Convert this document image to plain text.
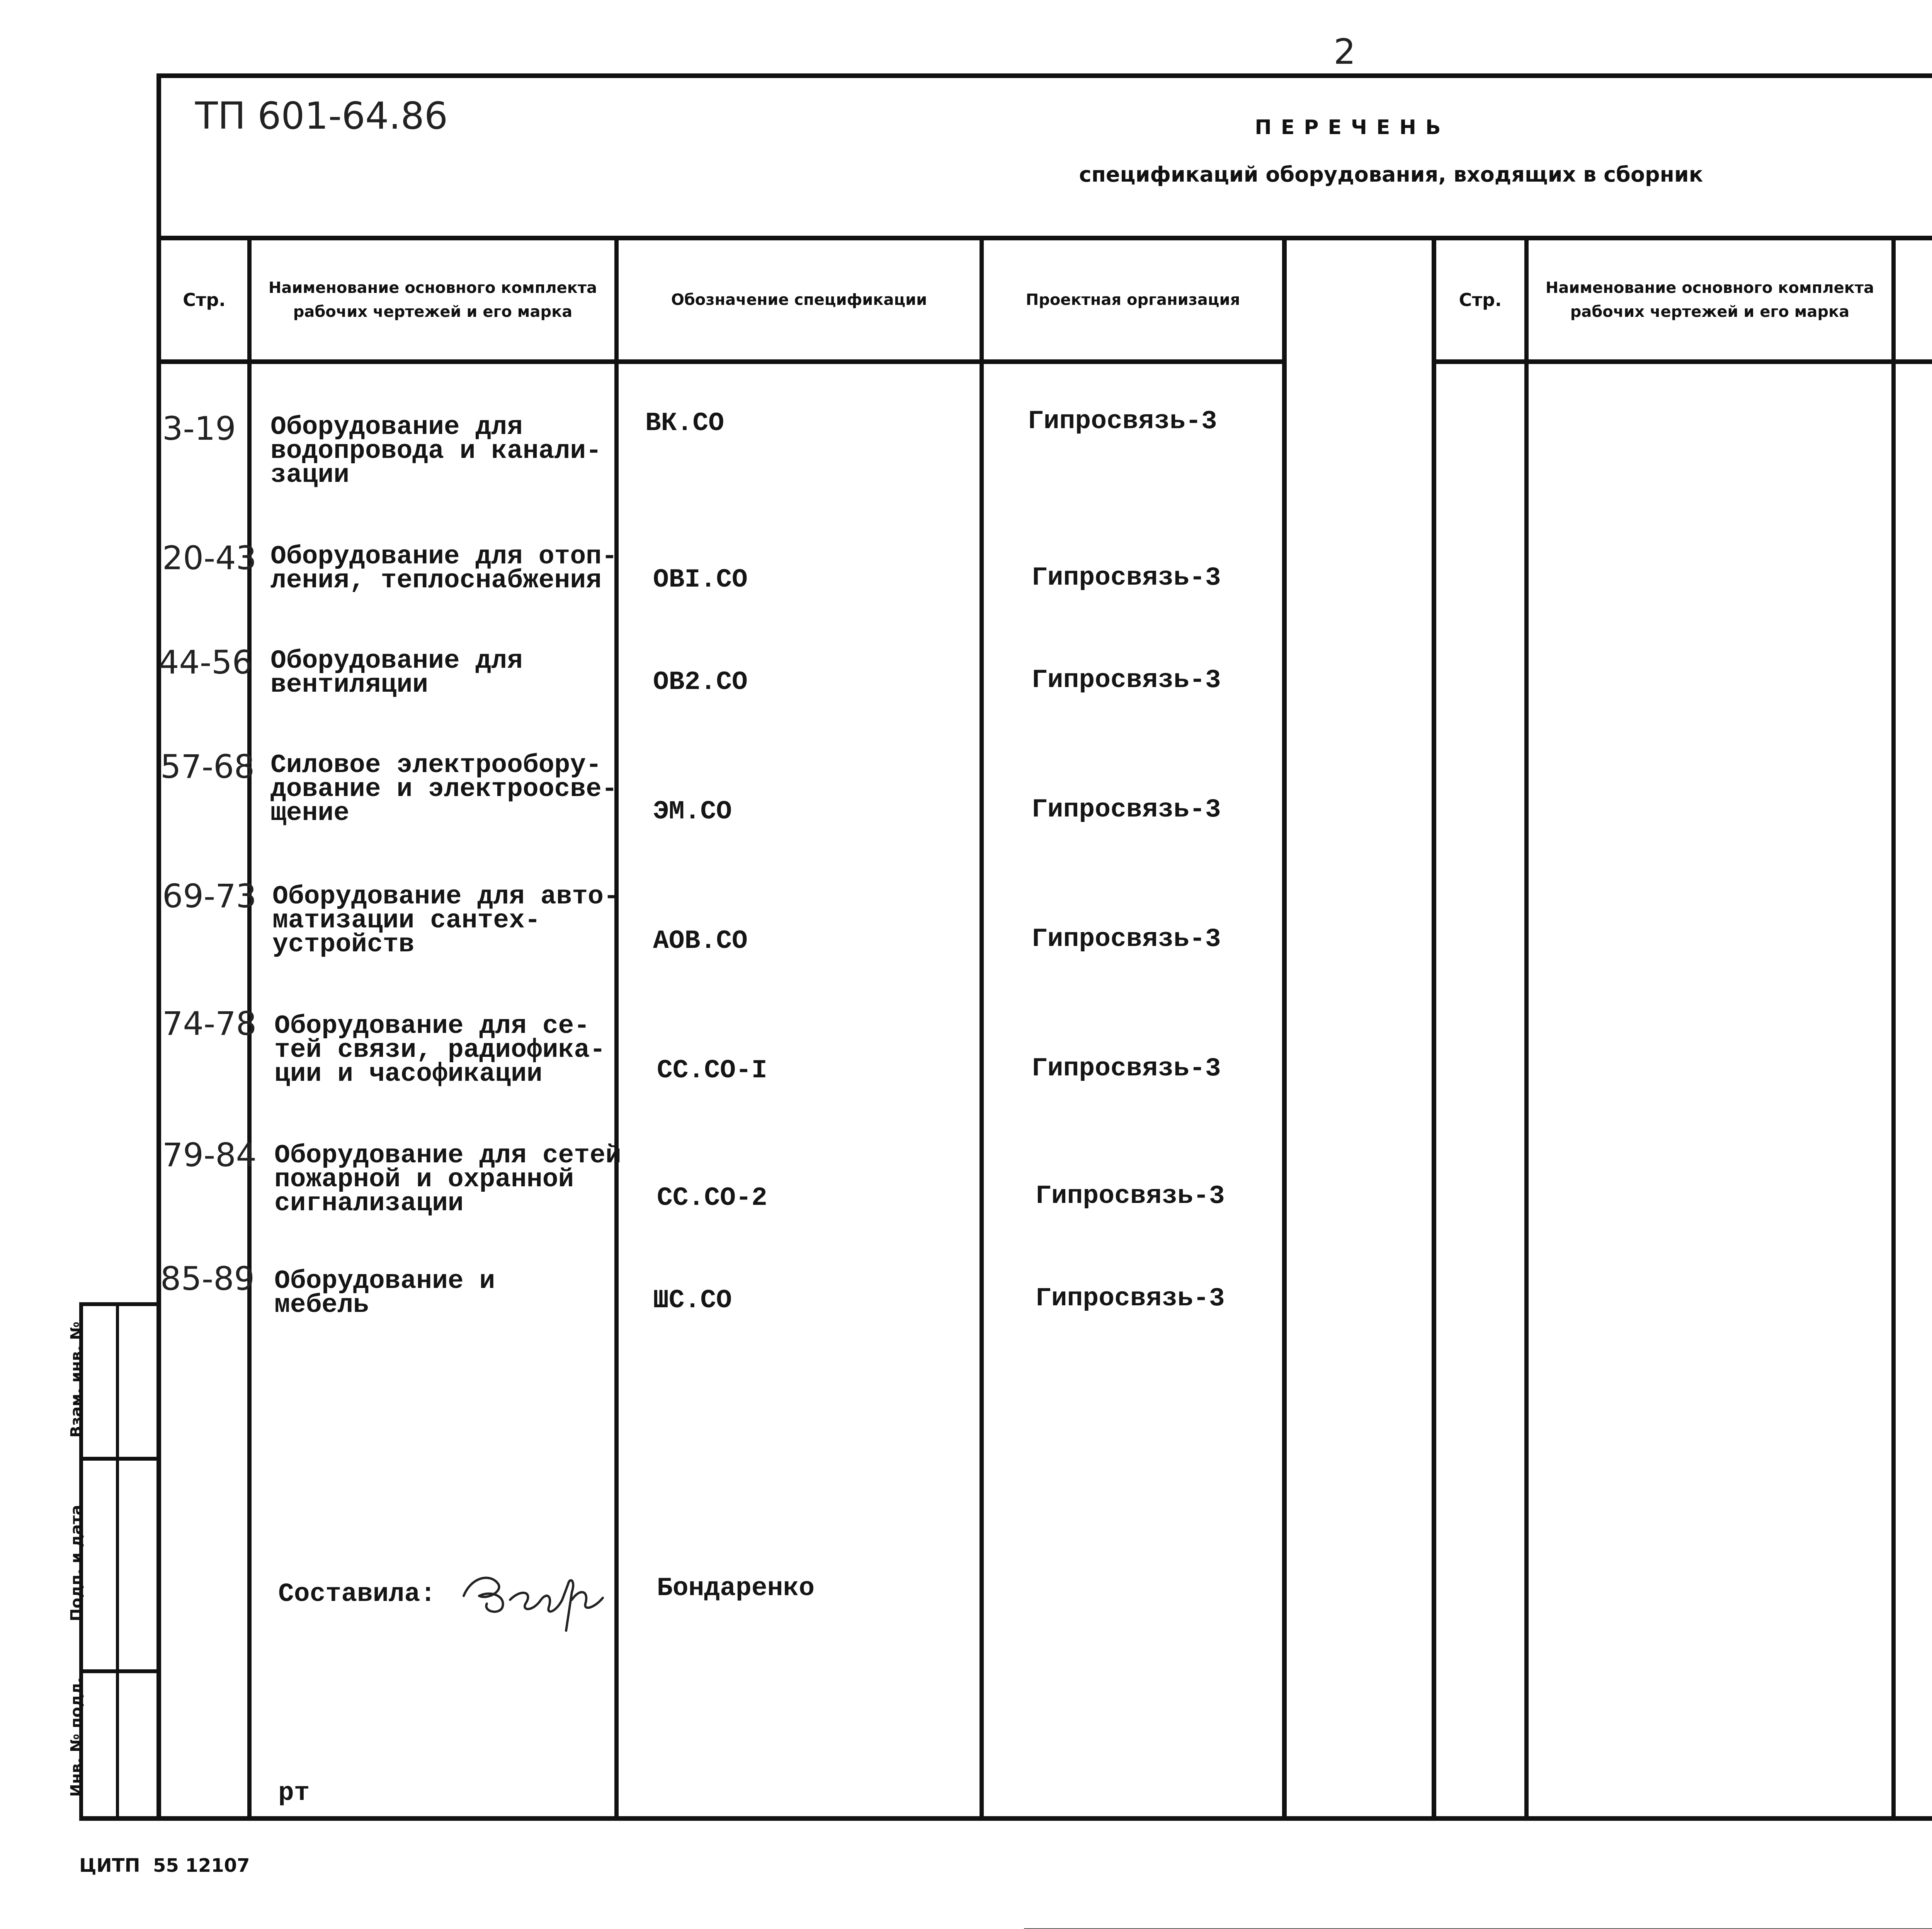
2
ТП 601-64.86	ПЕРЕЧЕНЬ
спецификаций оборудования, входящих в сборник
Стр.
Наименование основного комплекта рабочих чертежей и его марка
Обозначение спецификации	Проектная организация	Стр.
Наименование основного комплекта рабочих чертежей и его марка
3-19 Оборудование для
водопровода и канали-
зации
ВК.СО	Гипросвязь-3
20-43 Оборудование для отоп-
ления, теплоснабжения	ОВI.СО	Гипросвязь-3
44-56 Оборудование для
вентиляции	ОВ2.СО	Гипросвязь-3
57-68 Силовое электрообору-
дование и электроосве-
щение	ЭМ.СО	Гипросвязь-3
69-73 Оборудование для авто-
матизации сантех-
устройств	АОВ.СО	Гипросвязь-3
74-78 Оборудование для се-
тей связи, радиофика-
ции и часофикации	СС.СО-I	Гипросвязь-3
79-84 Оборудование для сетей
пожарной и охранной
сигнализации	СС.СО-2	Гипросвязь-3
85-89 Оборудование и
мебель	ШС.СО	Гипросвязь-3
Составила:	Бондаренко
рт
Взам. инв. №
Подп. и дата
Инв. № подл.
ЦИТП  55 12107
